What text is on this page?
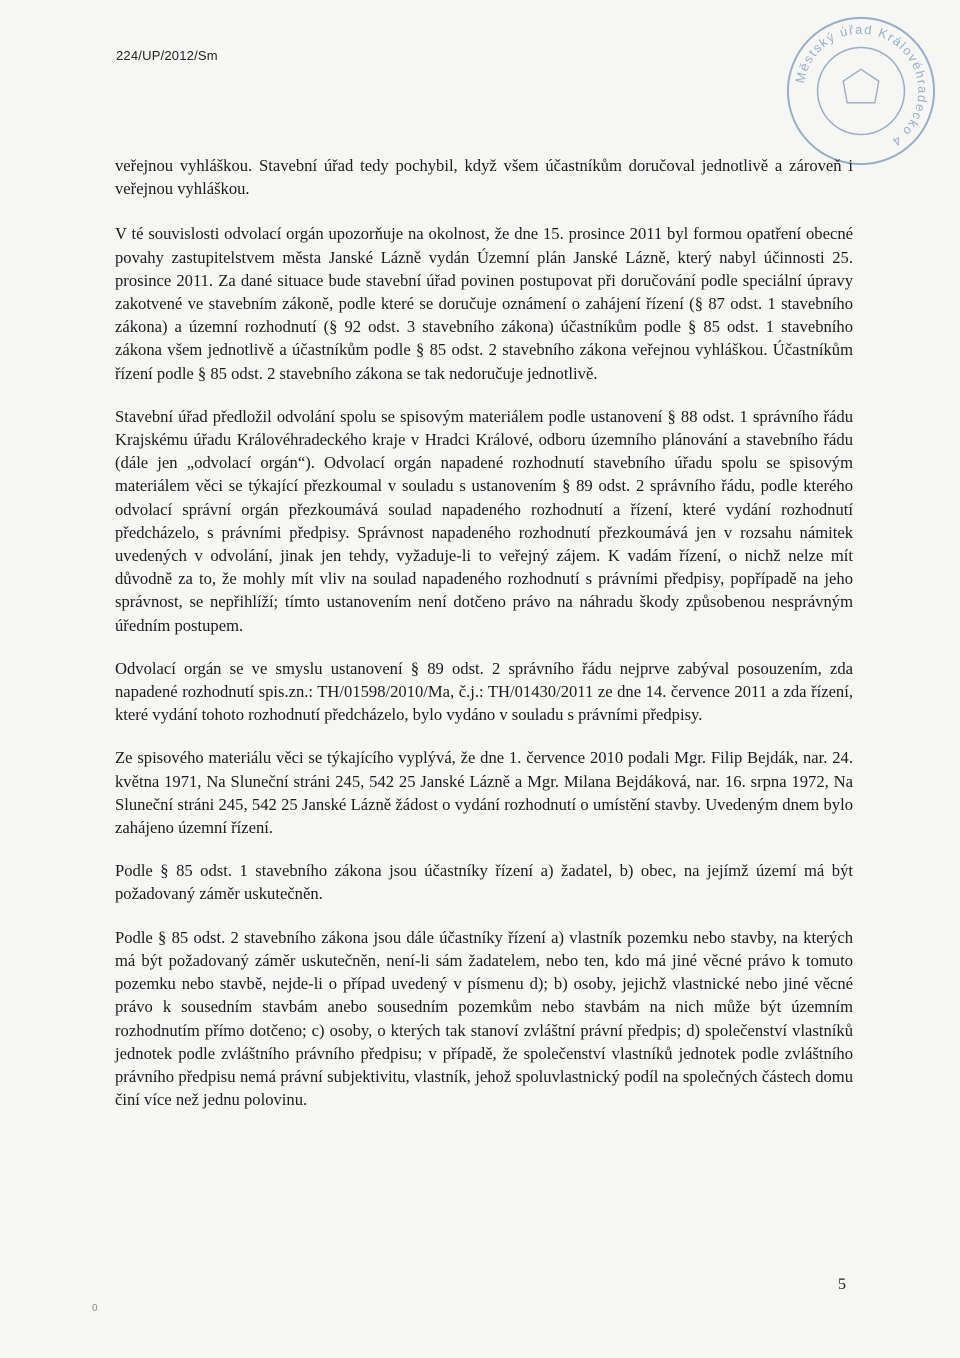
224/UP/2012/Sm
Městský úřad Královéhradecko 4

veřejnou vyhláškou. Stavební úřad tedy pochybil, když všem účastníkům doručoval jednotlivě a zároveň i veřejnou vyhláškou.

V té souvislosti odvolací orgán upozorňuje na okolnost, že dne 15. prosince 2011 byl formou opatření obecné povahy zastupitelstvem města Janské Lázně vydán Územní plán Janské Lázně, který nabyl účinnosti 25. prosince 2011. Za dané situace bude stavební úřad povinen postupovat při doručování podle speciální úpravy zakotvené ve stavebním zákoně, podle které se doručuje oznámení o zahájení řízení (§ 87 odst. 1 stavebního zákona) a územní rozhodnutí (§ 92 odst. 3 stavebního zákona) účastníkům podle § 85 odst. 1 stavebního zákona všem jednotlivě a účastníkům podle § 85 odst. 2 stavebního zákona veřejnou vyhláškou. Účastníkům řízení podle § 85 odst. 2 stavebního zákona se tak nedoručuje jednotlivě.

Stavební úřad předložil odvolání spolu se spisovým materiálem podle ustanovení § 88 odst. 1 správního řádu Krajskému úřadu Královéhradeckého kraje v Hradci Králové, odboru územního plánování a stavebního řádu (dále jen „odvolací orgán“). Odvolací orgán napadené rozhodnutí stavebního úřadu spolu se spisovým materiálem věci se týkající přezkoumal v souladu s ustanovením § 89 odst. 2 správního řádu, podle kterého odvolací správní orgán přezkoumává soulad napadeného rozhodnutí a řízení, které vydání rozhodnutí předcházelo, s právními předpisy. Správnost napadeného rozhodnutí přezkoumává jen v rozsahu námitek uvedených v odvolání, jinak jen tehdy, vyžaduje-li to veřejný zájem. K vadám řízení, o nichž nelze mít důvodně za to, že mohly mít vliv na soulad napadeného rozhodnutí s právními předpisy, popřípadě na jeho správnost, se nepřihlíží; tímto ustanovením není dotčeno právo na náhradu škody způsobenou nesprávným úředním postupem.

Odvolací orgán se ve smyslu ustanovení § 89 odst. 2 správního řádu nejprve zabýval posouzením, zda napadené rozhodnutí spis.zn.: TH/01598/2010/Ma, č.j.: TH/01430/2011 ze dne 14. července 2011 a zda řízení, které vydání tohoto rozhodnutí předcházelo, bylo vydáno v souladu s právními předpisy.

Ze spisového materiálu věci se týkajícího vyplývá, že dne 1. července 2010 podali Mgr. Filip Bejdák, nar. 24. května 1971, Na Sluneční stráni 245, 542 25 Janské Lázně a Mgr. Milana Bejdáková, nar. 16. srpna 1972, Na Sluneční stráni 245, 542 25 Janské Lázně žádost o vydání rozhodnutí o umístění stavby. Uvedeným dnem bylo zahájeno územní řízení.

Podle § 85 odst. 1 stavebního zákona jsou účastníky řízení a) žadatel, b) obec, na jejímž území má být požadovaný záměr uskutečněn.

Podle § 85 odst. 2 stavebního zákona jsou dále účastníky řízení a) vlastník pozemku nebo stavby, na kterých má být požadovaný záměr uskutečněn, není-li sám žadatelem, nebo ten, kdo má jiné věcné právo k tomuto pozemku nebo stavbě, nejde-li o případ uvedený v písmenu d); b) osoby, jejichž vlastnické nebo jiné věcné právo k sousedním stavbám anebo sousedním pozemkům nebo stavbám na nich může být územním rozhodnutím přímo dotčeno; c) osoby, o kterých tak stanoví zvláštní právní předpis; d) společenství vlastníků jednotek podle zvláštního právního předpisu; v případě, že společenství vlastníků jednotek podle zvláštního právního předpisu nemá právní subjektivitu, vlastník, jehož spoluvlastnický podíl na společných částech domu činí více než jednu polovinu.

5
0
